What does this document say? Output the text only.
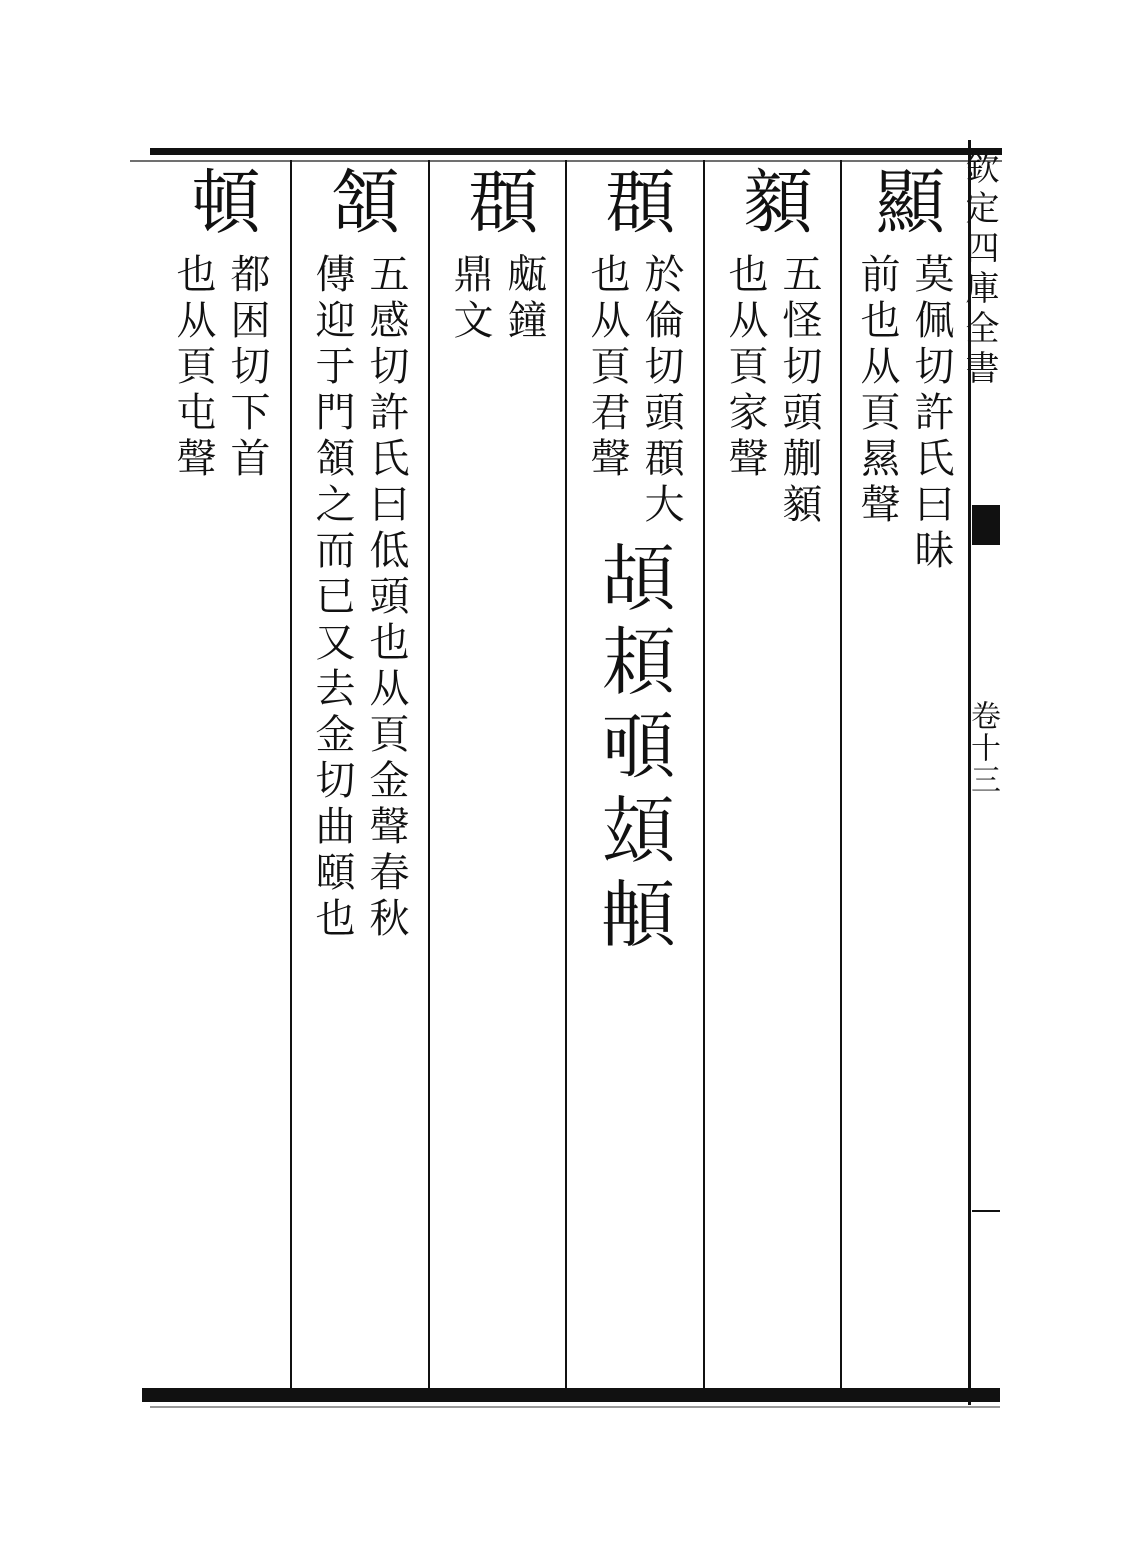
欽定四庫全書
卷十三
顯
莫佩切許氏曰昧
前也从頁㬎聲
顡
五怪切頭蒯顡
也从頁家聲
頵
於倫切頭頵大
也从頁君聲
𩑶𩑷𩑸𩑹𩑺
頵
㼩鐘
鼎文
頷
五感切許氏曰低頭也从頁金聲春秋
傳迎于門頷之而已又去金切曲頤也
頓
都困切下首
也从頁屯聲
